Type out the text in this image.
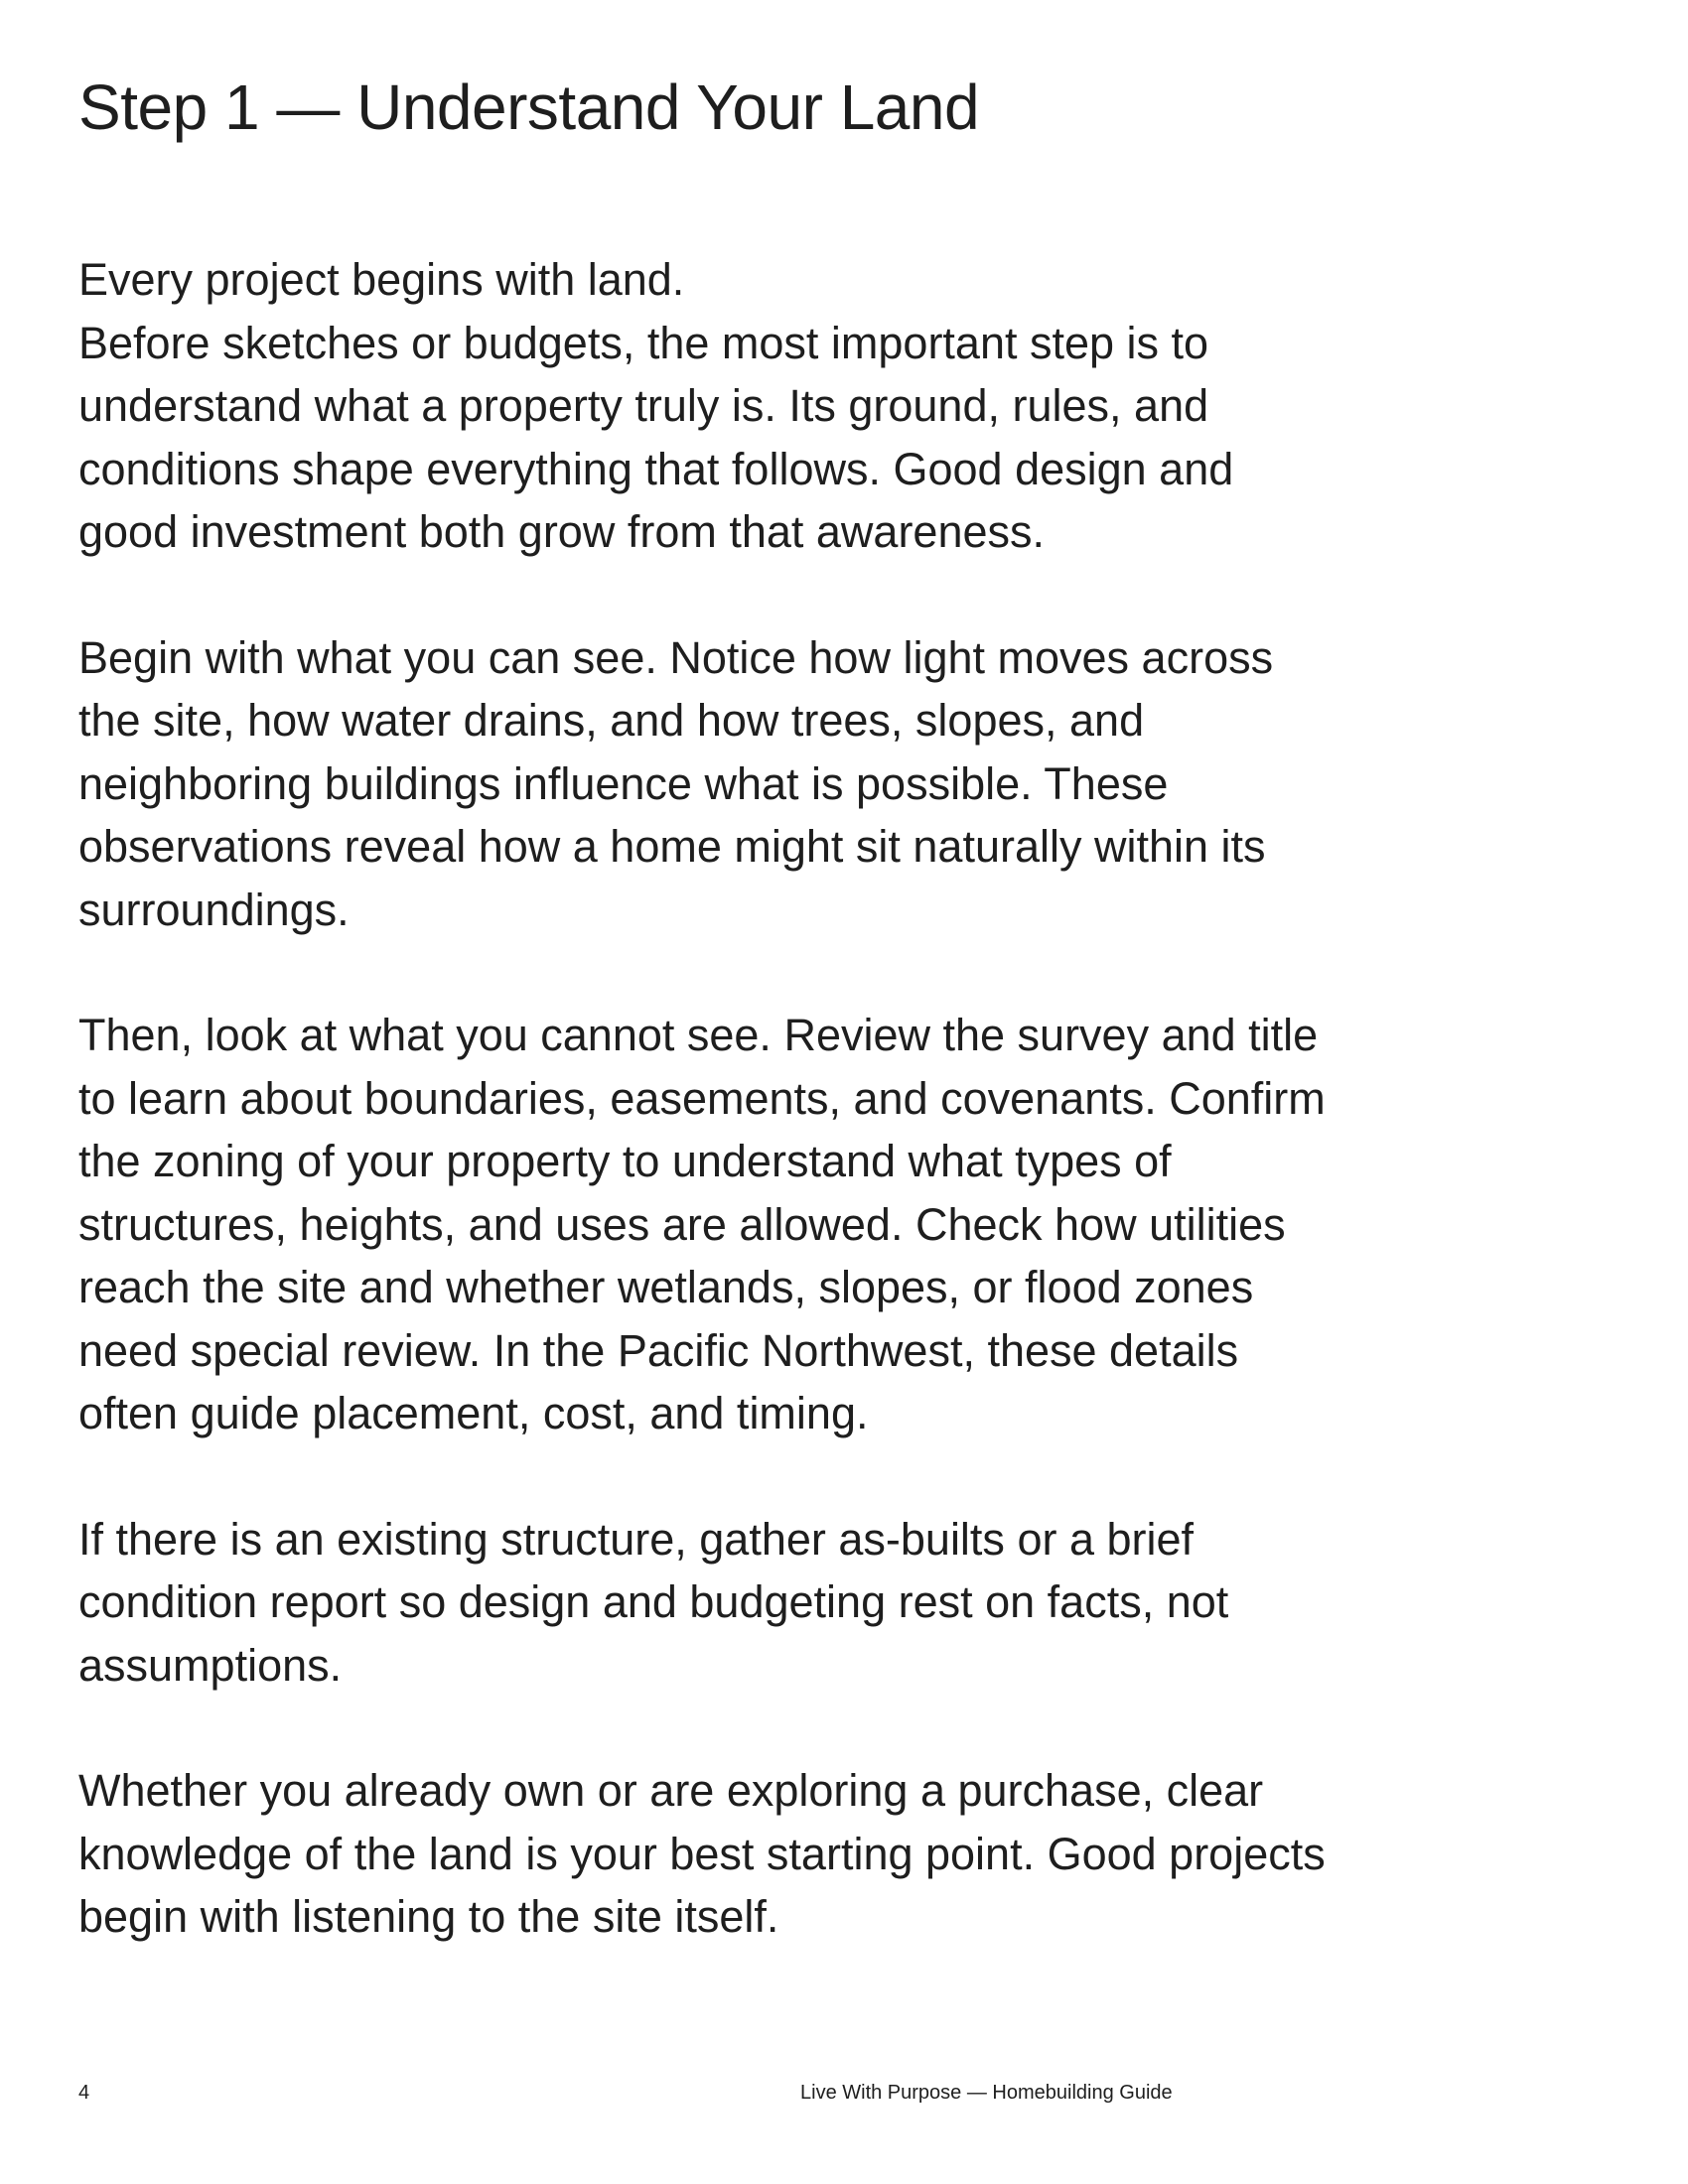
Step 1 — Understand Your Land

Every project begins with land.
Before sketches or budgets, the most important step is to
understand what a property truly is. Its ground, rules, and
conditions shape everything that follows. Good design and
good investment both grow from that awareness.

Begin with what you can see. Notice how light moves across
the site, how water drains, and how trees, slopes, and
neighboring buildings influence what is possible. These
observations reveal how a home might sit naturally within its
surroundings.

Then, look at what you cannot see. Review the survey and title
to learn about boundaries, easements, and covenants. Confirm
the zoning of your property to understand what types of
structures, heights, and uses are allowed. Check how utilities
reach the site and whether wetlands, slopes, or flood zones
need special review. In the Pacific Northwest, these details
often guide placement, cost, and timing.

If there is an existing structure, gather as-builts or a brief
condition report so design and budgeting rest on facts, not
assumptions.

Whether you already own or are exploring a purchase, clear
knowledge of the land is your best starting point. Good projects
begin with listening to the site itself.

4	Live With Purpose — Homebuilding Guide
